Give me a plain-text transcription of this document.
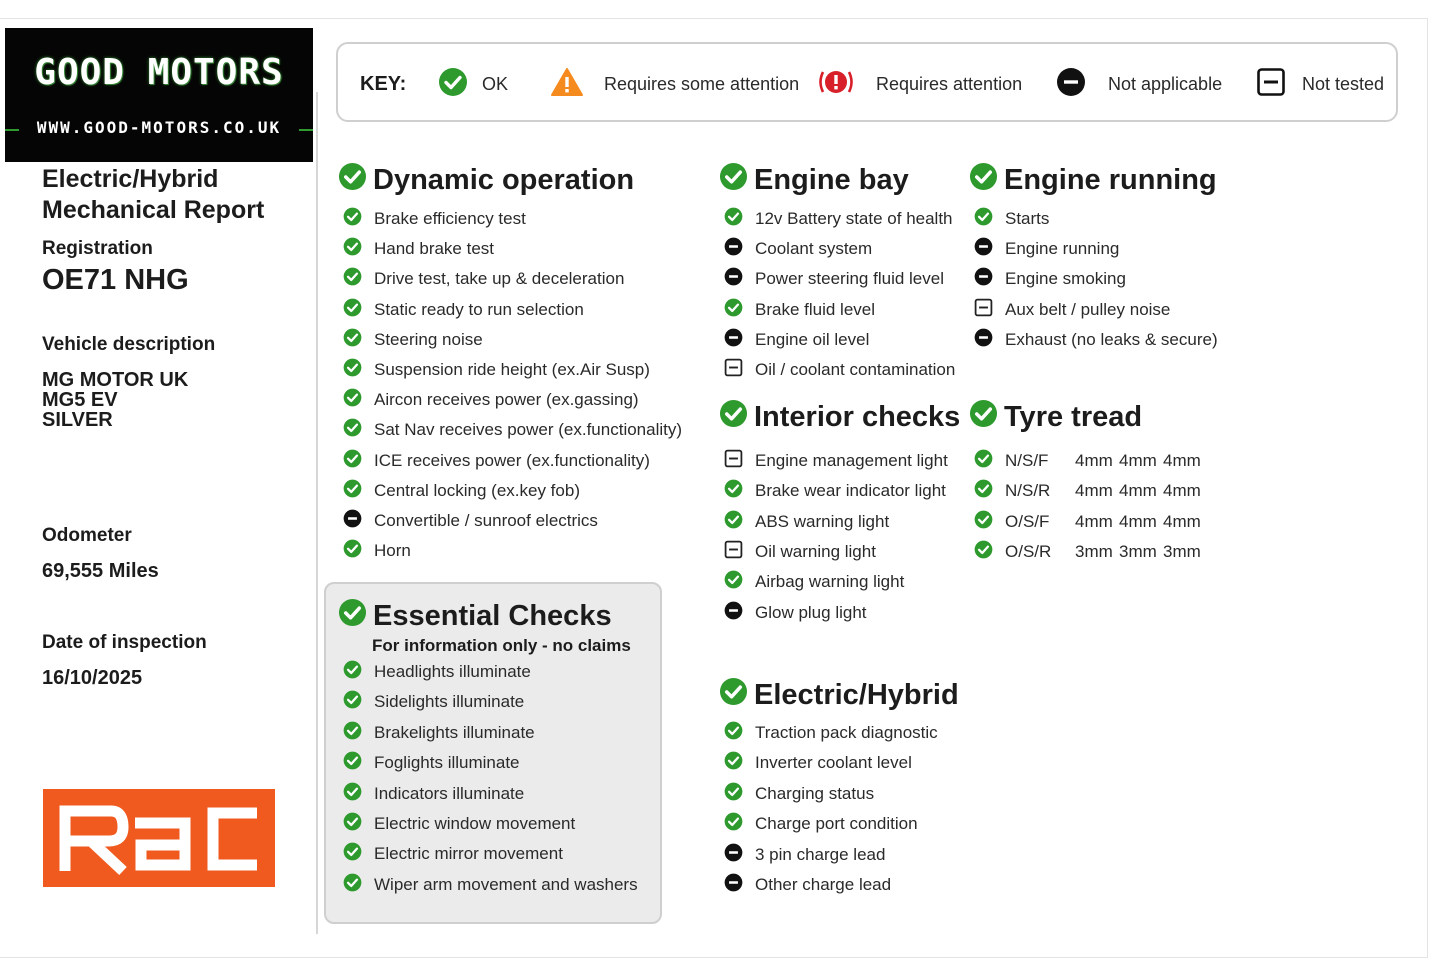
GOOD MOTORS
WWW.GOOD-MOTORS.CO.UK
Electric/Hybrid
Mechanical Report
Registration
OE71 NHG
Vehicle description
MG MOTOR UK
MG5 EV
SILVER
Odometer
69,555 Miles
Date of inspection
16/10/2025
KEY:	OK	Requires some attention	Requires attention	Not applicable	Not tested
For information only - no claims
Dynamic operation
Brake efficiency test
Hand brake test
Drive test, take up & deceleration
Static ready to run selection
Steering noise
Suspension ride height (ex.Air Susp)
Aircon receives power (ex.gassing)
Sat Nav receives power (ex.functionality)
ICE receives power (ex.functionality)
Central locking (ex.key fob)
Convertible / sunroof electrics
Horn
Essential Checks
Headlights illuminate
Sidelights illuminate
Brakelights illuminate
Foglights illuminate
Indicators illuminate
Electric window movement
Electric mirror movement
Wiper arm movement and washers
Engine bay
12v Battery state of health
Coolant system
Power steering fluid level
Brake fluid level
Engine oil level
Oil / coolant contamination
Interior checks
Engine management light
Brake wear indicator light
ABS warning light
Oil warning light
Airbag warning light
Glow plug light
Electric/Hybrid
Traction pack diagnostic
Inverter coolant level
Charging status
Charge port condition
3 pin charge lead
Other charge lead
Engine running
Starts
Engine running
Engine smoking
Aux belt / pulley noise
Exhaust (no leaks & secure)
Tyre tread
N/S/F	4mm 4mm 4mm
N/S/R	4mm 4mm 4mm
O/S/F	4mm 4mm 4mm
O/S/R	3mm 3mm 3mm
